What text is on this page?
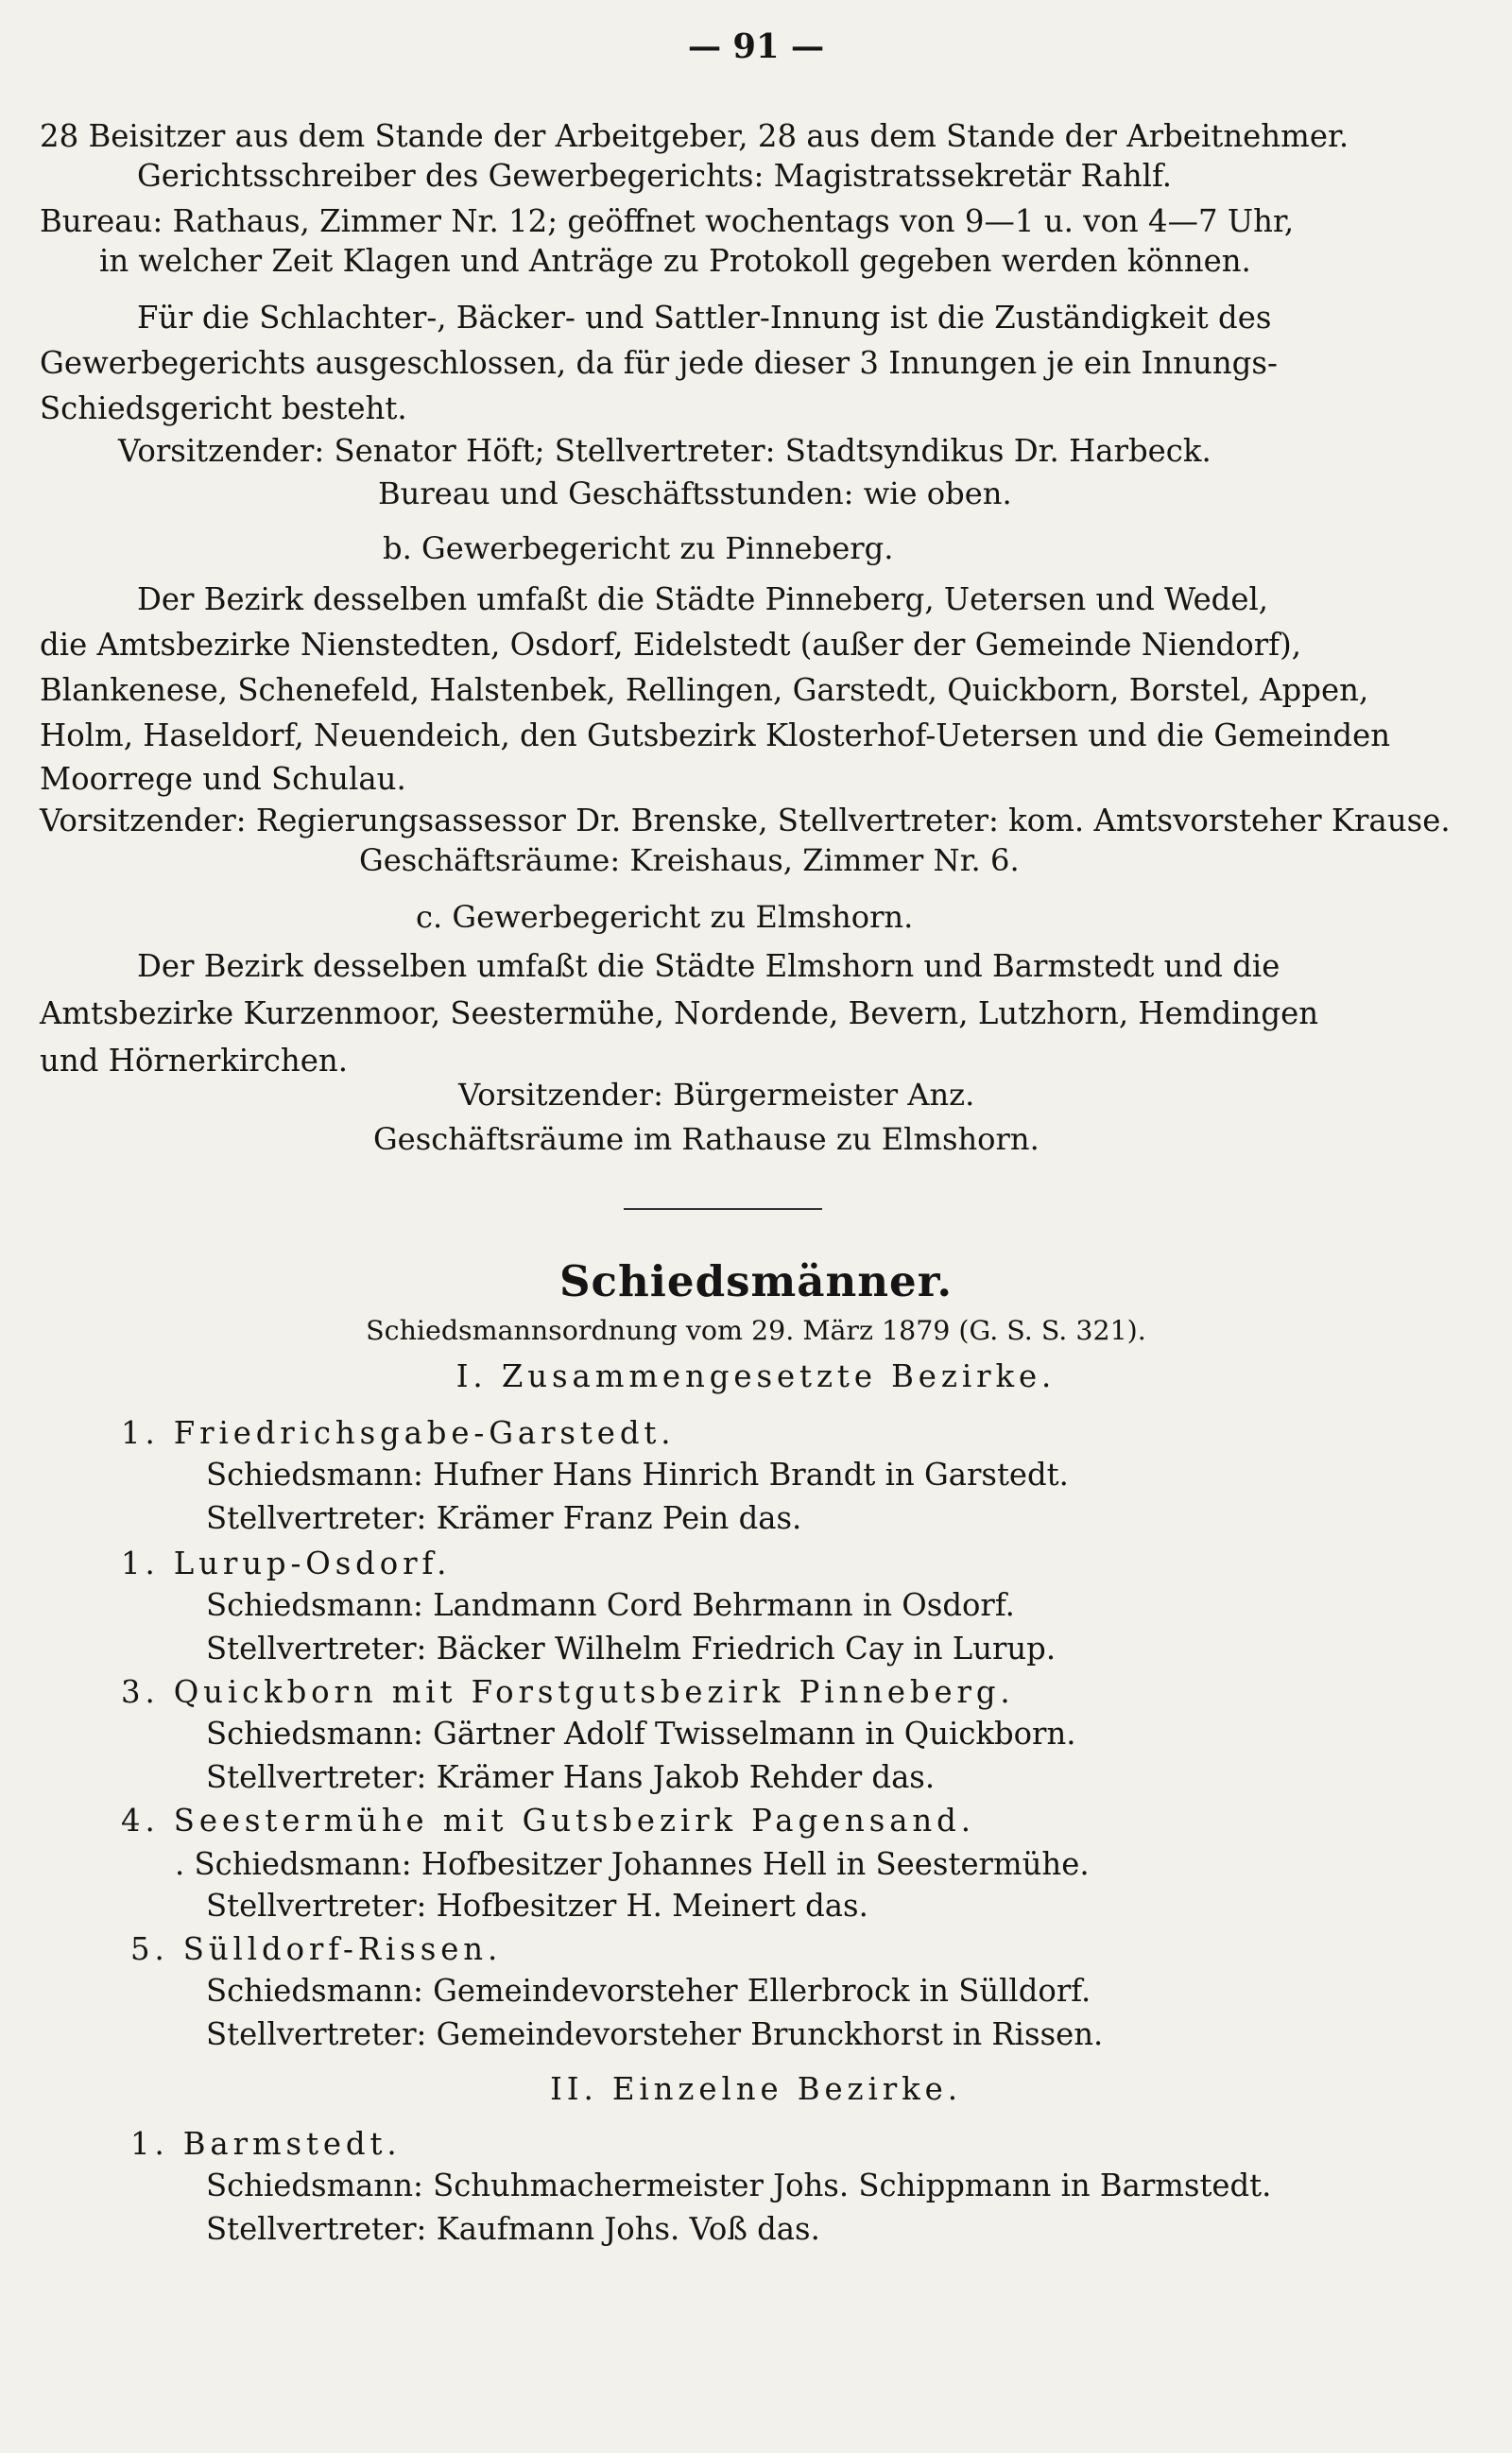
— 91 —
28 Beisitzer aus dem Stande der Arbeitgeber, 28 aus dem Stande der Arbeitnehmer.
Gerichtsschreiber des Gewerbegerichts: Magistratssekretär Rahlf.
Bureau: Rathaus, Zimmer Nr. 12; geöffnet wochentags von 9—1 u. von 4—7 Uhr,
in welcher Zeit Klagen und Anträge zu Protokoll gegeben werden können.
Für die Schlachter-, Bäcker- und Sattler-Innung ist die Zuständigkeit des
Gewerbegerichts ausgeschlossen, da für jede dieser 3 Innungen je ein Innungs-
Schiedsgericht besteht.
Vorsitzender: Senator Höft; Stellvertreter: Stadtsyndikus Dr. Harbeck.
Bureau und Geschäftsstunden: wie oben.
b. Gewerbegericht zu Pinneberg.
Der Bezirk desselben umfaßt die Städte Pinneberg, Uetersen und Wedel,
die Amtsbezirke Nienstedten, Osdorf, Eidelstedt (außer der Gemeinde Niendorf),
Blankenese, Schenefeld, Halstenbek, Rellingen, Garstedt, Quickborn, Borstel, Appen,
Holm, Haseldorf, Neuendeich, den Gutsbezirk Klosterhof-Uetersen und die Gemeinden
Moorrege und Schulau.
Vorsitzender: Regierungsassessor Dr. Brenske, Stellvertreter: kom. Amtsvorsteher Krause.
Geschäftsräume: Kreishaus, Zimmer Nr. 6.
c. Gewerbegericht zu Elmshorn.
Der Bezirk desselben umfaßt die Städte Elmshorn und Barmstedt und die
Amtsbezirke Kurzenmoor, Seestermühe, Nordende, Bevern, Lutzhorn, Hemdingen
und Hörnerkirchen.
Vorsitzender: Bürgermeister Anz.
Geschäftsräume im Rathause zu Elmshorn.
Schiedsmänner.
Schiedsmannsordnung vom 29. März 1879 (G. S. S. 321).
I. Zusammengesetzte Bezirke.
1. Friedrichsgabe-Garstedt.
Schiedsmann: Hufner Hans Hinrich Brandt in Garstedt.
Stellvertreter: Krämer Franz Pein das.
1. Lurup-Osdorf.
Schiedsmann: Landmann Cord Behrmann in Osdorf.
Stellvertreter: Bäcker Wilhelm Friedrich Cay in Lurup.
3. Quickborn mit Forstgutsbezirk Pinneberg.
Schiedsmann: Gärtner Adolf Twisselmann in Quickborn.
Stellvertreter: Krämer Hans Jakob Rehder das.
4. Seestermühe mit Gutsbezirk Pagensand.
. Schiedsmann: Hofbesitzer Johannes Hell in Seestermühe.
Stellvertreter: Hofbesitzer H. Meinert das.
5. Sülldorf-Rissen.
Schiedsmann: Gemeindevorsteher Ellerbrock in Sülldorf.
Stellvertreter: Gemeindevorsteher Brunckhorst in Rissen.
II. Einzelne Bezirke.
1. Barmstedt.
Schiedsmann: Schuhmachermeister Johs. Schippmann in Barmstedt.
Stellvertreter: Kaufmann Johs. Voß das.
